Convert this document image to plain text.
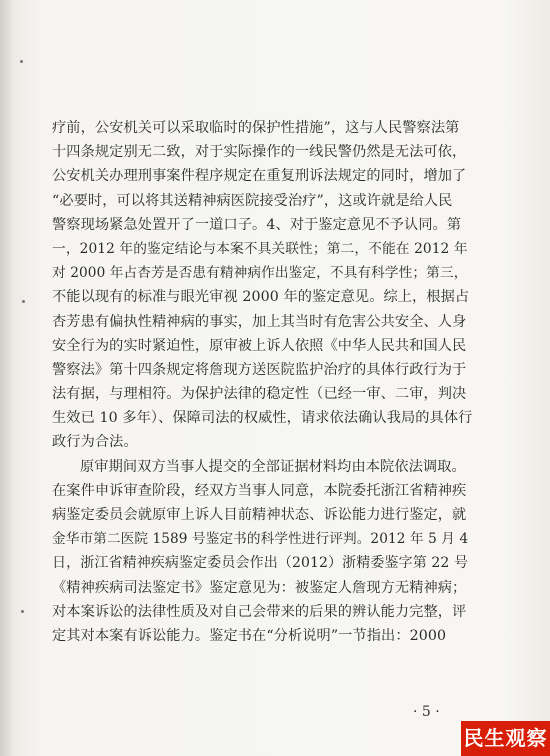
疗前，公安机关可以采取临时的保护性措施”，这与人民警察法第
十四条规定别无二致，对于实际操作的一线民警仍然是无法可依，
公安机关办理刑事案件程序规定在重复刑诉法规定的同时，增加了
“必要时，可以将其送精神病医院接受治疗”，这或许就是给人民
警察现场紧急处置开了一道口子。4、对于鉴定意见不予认同。第
一，2012 年的鉴定结论与本案不具关联性；第二，不能在 2012 年
对 2000 年占杏芳是否患有精神病作出鉴定，不具有科学性；第三，
不能以现有的标准与眼光审视 2000 年的鉴定意见。综上，根据占
杏芳患有偏执性精神病的事实，加上其当时有危害公共安全、人身
安全行为的实时紧迫性，原审被上诉人依照《中华人民共和国人民
警察法》第十四条规定将詹现方送医院监护治疗的具体行政行为于
法有据，与理相符。为保护法律的稳定性（已经一审、二审，判决
生效已 10 多年）、保障司法的权威性，请求依法确认我局的具体行
政行为合法。
原审期间双方当事人提交的全部证据材料均由本院依法调取。
在案件申诉审查阶段，经双方当事人同意，本院委托浙江省精神疾
病鉴定委员会就原审上诉人目前精神状态、诉讼能力进行鉴定，就
金华市第二医院 1589 号鉴定书的科学性进行评判。2012 年 5 月 4
日，浙江省精神疾病鉴定委员会作出（2012）浙精委鉴字第 22 号
《精神疾病司法鉴定书》鉴定意见为：被鉴定人詹现方无精神病；
对本案诉讼的法律性质及对自己会带来的后果的辨认能力完整，评
定其对本案有诉讼能力。鉴定书在“分析说明”一节指出：2000
· 5 ·
民生观察
